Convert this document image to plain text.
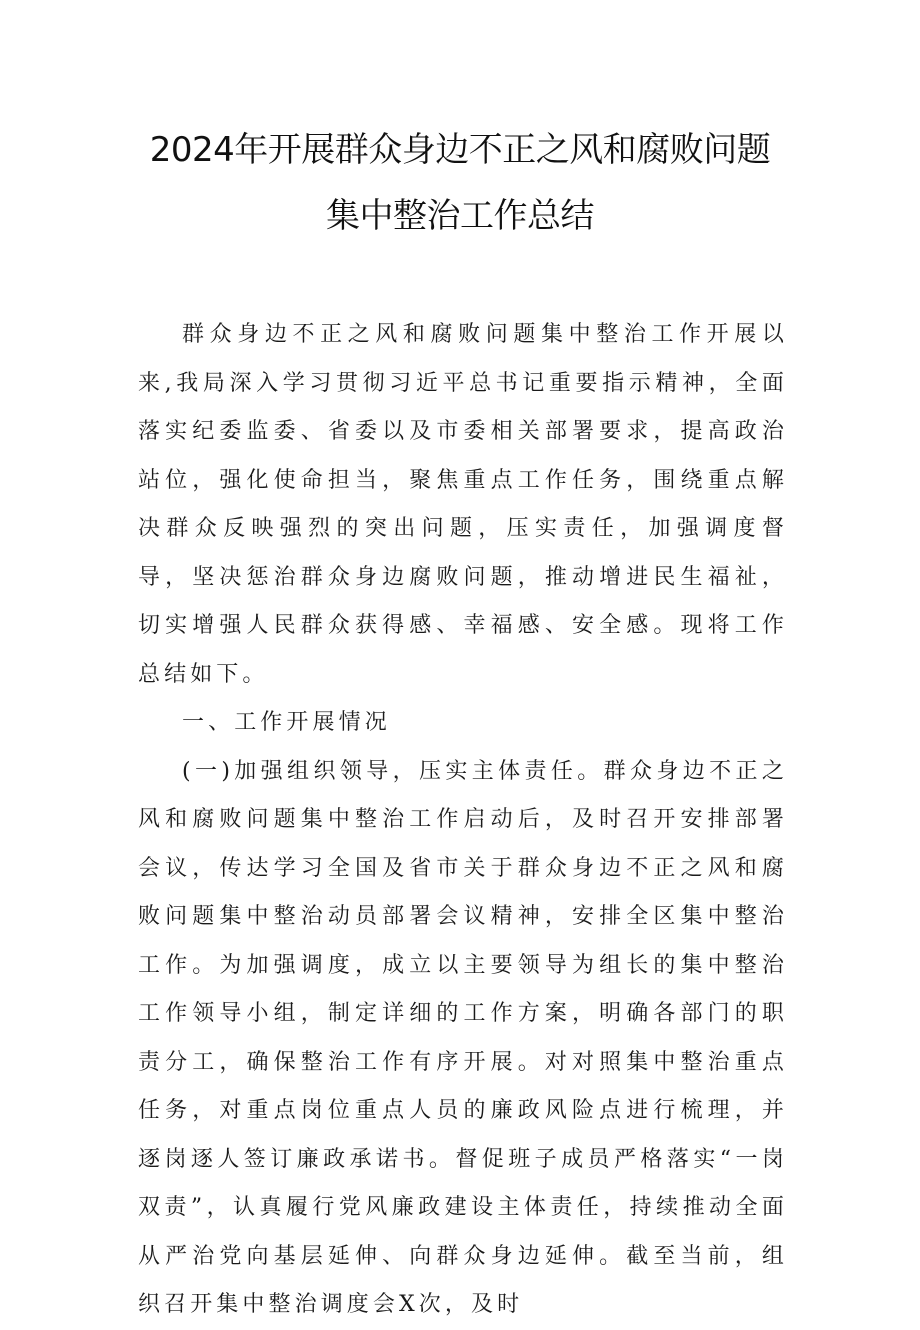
2024年开展群众身边不正之风和腐败问题
集中整治工作总结

群众身边不正之风和腐败问题集中整治工作开展以来,我局深入学习贯彻习近平总书记重要指示精神，全面落实纪委监委、省委以及市委相关部署要求，提高政治站位，强化使命担当，聚焦重点工作任务，围绕重点解决群众反映强烈的突出问题，压实责任，加强调度督导，坚决惩治群众身边腐败问题，推动增进民生福祉，切实增强人民群众获得感、幸福感、安全感。现将工作总结如下。

一、工作开展情况

(一)加强组织领导，压实主体责任。群众身边不正之风和腐败问题集中整治工作启动后，及时召开安排部署会议，传达学习全国及省市关于群众身边不正之风和腐败问题集中整治动员部署会议精神，安排全区集中整治工作。为加强调度，成立以主要领导为组长的集中整治工作领导小组，制定详细的工作方案，明确各部门的职责分工，确保整治工作有序开展。对对照集中整治重点任务，对重点岗位重点人员的廉政风险点进行梳理，并逐岗逐人签订廉政承诺书。督促班子成员严格落实“一岗双责”，认真履行党风廉政建设主体责任，持续推动全面从严治党向基层延伸、向群众身边延伸。截至当前，组织召开集中整治调度会X次，及时
